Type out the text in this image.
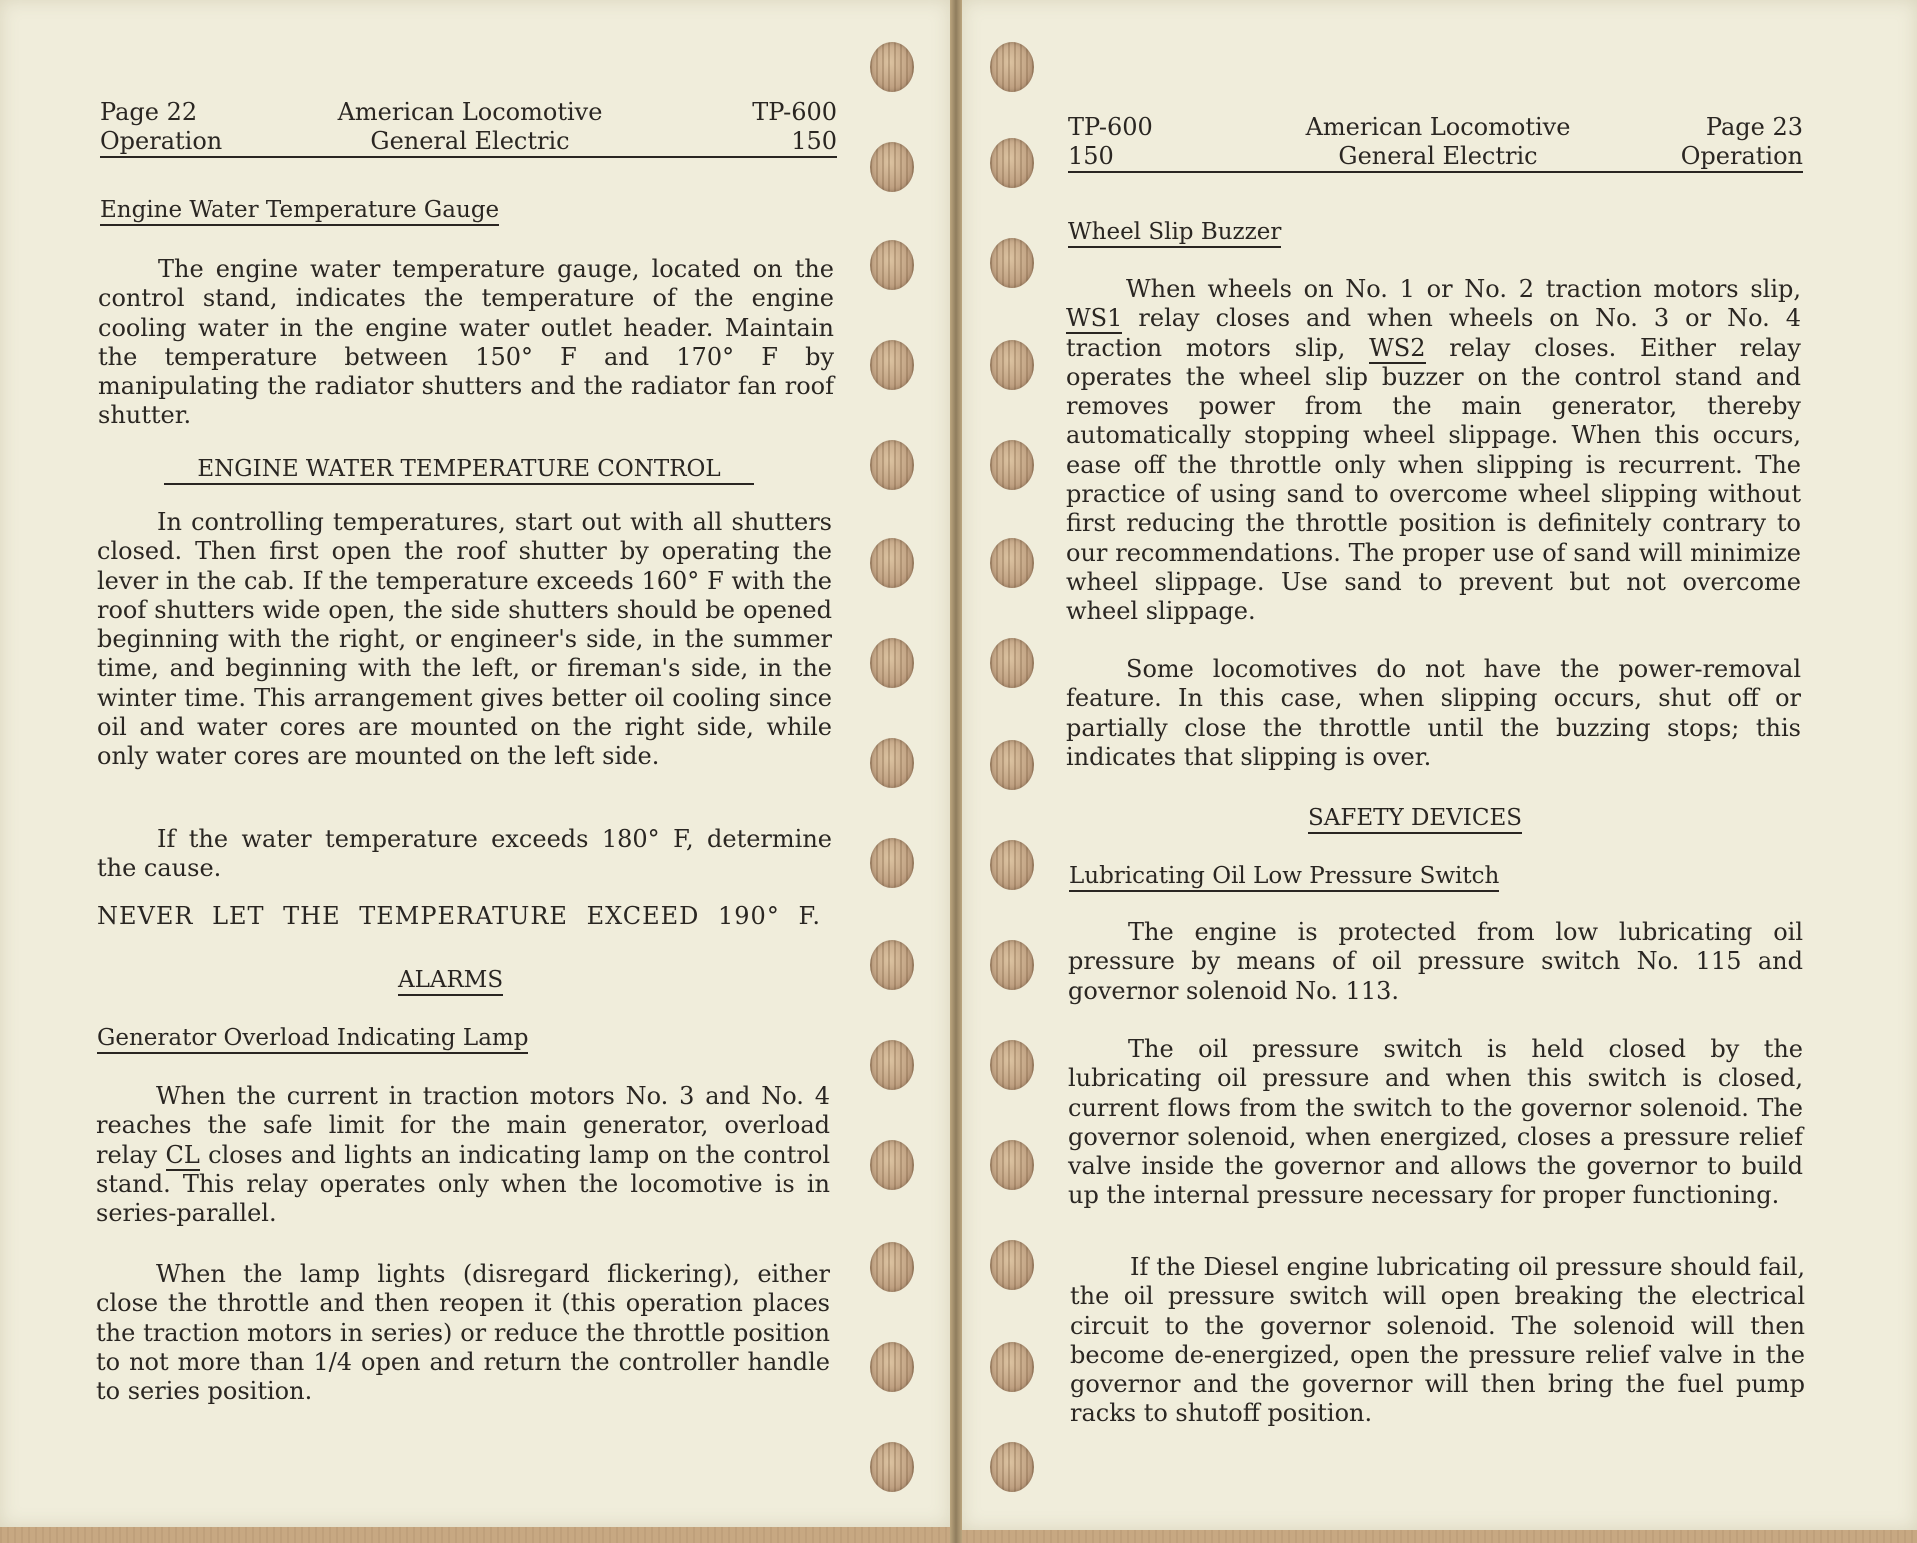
Page 22
Operation
American Locomotive
General Electric
TP-600
150
Engine Water Temperature Gauge
The engine water temperature gauge, located on the control stand, indicates the temperature of the engine cooling water in the engine water outlet header. Maintain the temperature between 150° F and 170° F by manipulating the radiator shutters and the radiator fan roof shutter.
ENGINE WATER TEMPERATURE CONTROL
In controlling temperatures, start out with all shutters closed. Then first open the roof shutter by operating the lever in the cab. If the temperature exceeds 160° F with the roof shutters wide open, the side shutters should be opened beginning with the right, or engineer's side, in the summer time, and beginning with the left, or fireman's side, in the winter time. This arrangement gives better oil cooling since oil and water cores are mounted on the right side, while only water cores are mounted on the left side.
If the water temperature exceeds 180° F, determine the cause.
NEVER LET THE TEMPERATURE EXCEED 190° F.
ALARMS
Generator Overload Indicating Lamp
When the current in traction motors No. 3 and No. 4 reaches the safe limit for the main generator, overload relay CL closes and lights an indicating lamp on the control stand. This relay operates only when the locomotive is in series-parallel.
When the lamp lights (disregard flickering), either close the throttle and then reopen it (this operation places the traction motors in series) or reduce the throttle position to not more than 1/4 open and return the controller handle to series position.
TP-600
150
American Locomotive
General Electric
Page 23
Operation
Wheel Slip Buzzer
When wheels on No. 1 or No. 2 traction motors slip, WS1 relay closes and when wheels on No. 3 or No. 4 traction motors slip, WS2 relay closes. Either relay operates the wheel slip buzzer on the control stand and removes power from the main generator, thereby automatically stopping wheel slippage. When this occurs, ease off the throttle only when slipping is recurrent. The practice of using sand to overcome wheel slipping without first reducing the throttle position is definitely contrary to our recommendations. The proper use of sand will minimize wheel slippage. Use sand to prevent but not overcome wheel slippage.
Some locomotives do not have the power-removal feature. In this case, when slipping occurs, shut off or partially close the throttle until the buzzing stops; this indicates that slipping is over.
SAFETY DEVICES
Lubricating Oil Low Pressure Switch
The engine is protected from low lubricating oil pressure by means of oil pressure switch No. 115 and governor solenoid No. 113.
The oil pressure switch is held closed by the lubricating oil pressure and when this switch is closed, current flows from the switch to the governor solenoid. The governor solenoid, when energized, closes a pressure relief valve inside the governor and allows the governor to build up the internal pressure necessary for proper functioning.
If the Diesel engine lubricating oil pressure should fail, the oil pressure switch will open breaking the electrical circuit to the governor solenoid. The solenoid will then become de-energized, open the pressure relief valve in the governor and the governor will then bring the fuel pump racks to shutoff position.
